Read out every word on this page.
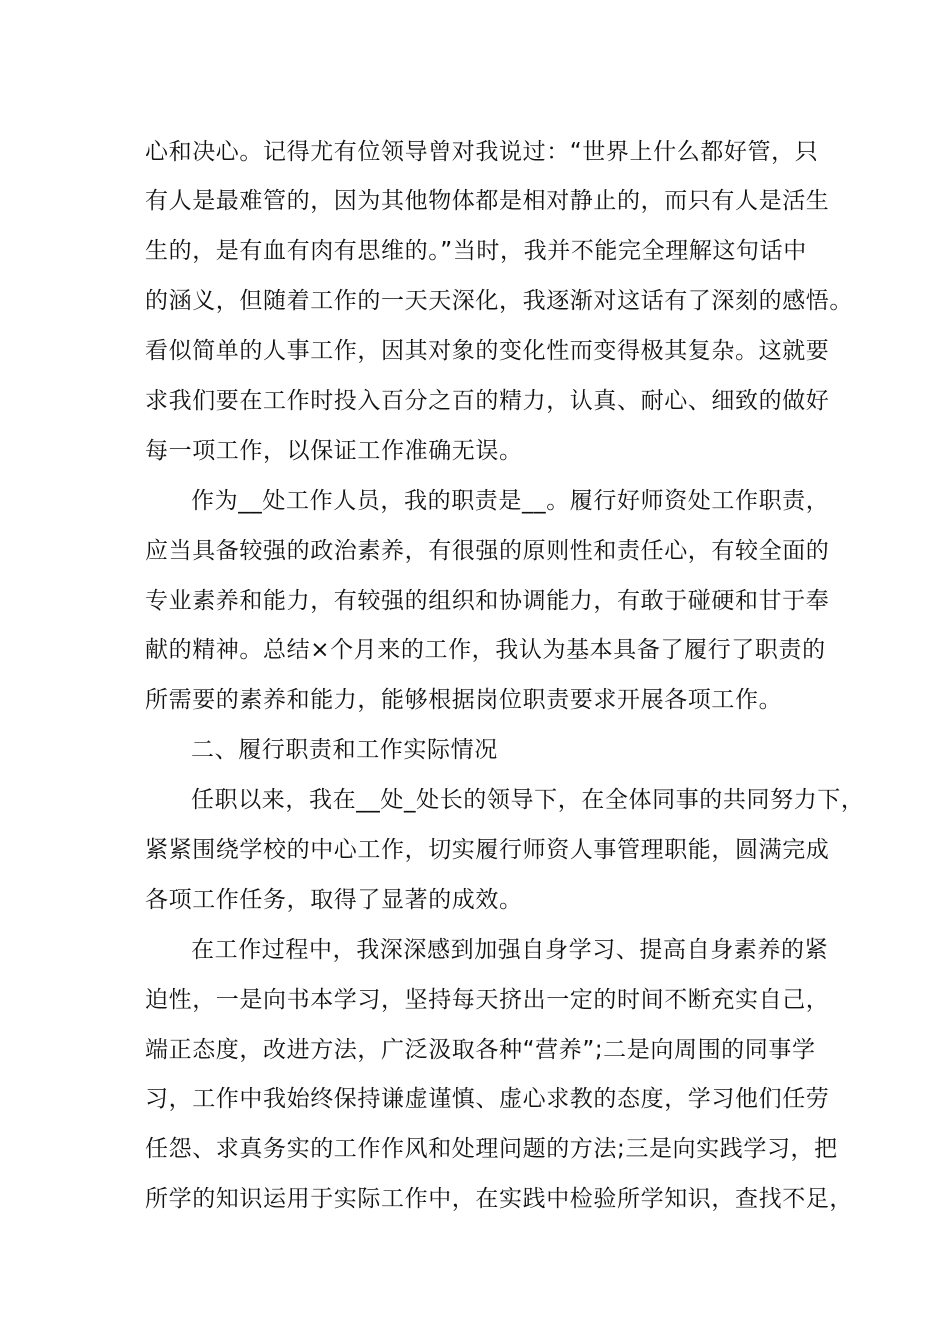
心和决心。记得尤有位领导曾对我说过：“世界上什么都好管，只
有人是最难管的，因为其他物体都是相对静止的，而只有人是活生
生的，是有血有肉有思维的。”当时，我并不能完全理解这句话中
的涵义，但随着工作的一天天深化，我逐渐对这话有了深刻的感悟。
看似简单的人事工作，因其对象的变化性而变得极其复杂。这就要
求我们要在工作时投入百分之百的精力，认真、耐心、细致的做好
每一项工作，以保证工作准确无误。
作为__处工作人员，我的职责是__。履行好师资处工作职责，
应当具备较强的政治素养，有很强的原则性和责任心，有较全面的
专业素养和能力，有较强的组织和协调能力，有敢于碰硬和甘于奉
献的精神。总结×个月来的工作，我认为基本具备了履行了职责的
所需要的素养和能力，能够根据岗位职责要求开展各项工作。
二、履行职责和工作实际情况
任职以来，我在__处_处长的领导下，在全体同事的共同努力下，
紧紧围绕学校的中心工作，切实履行师资人事管理职能，圆满完成
各项工作任务，取得了显著的成效。
在工作过程中，我深深感到加强自身学习、提高自身素养的紧
迫性，一是向书本学习，坚持每天挤出一定的时间不断充实自己，
端正态度，改进方法，广泛汲取各种“营养”;二是向周围的同事学
习，工作中我始终保持谦虚谨慎、虚心求教的态度，学习他们任劳
任怨、求真务实的工作作风和处理问题的方法;三是向实践学习，把
所学的知识运用于实际工作中，在实践中检验所学知识，查找不足，
